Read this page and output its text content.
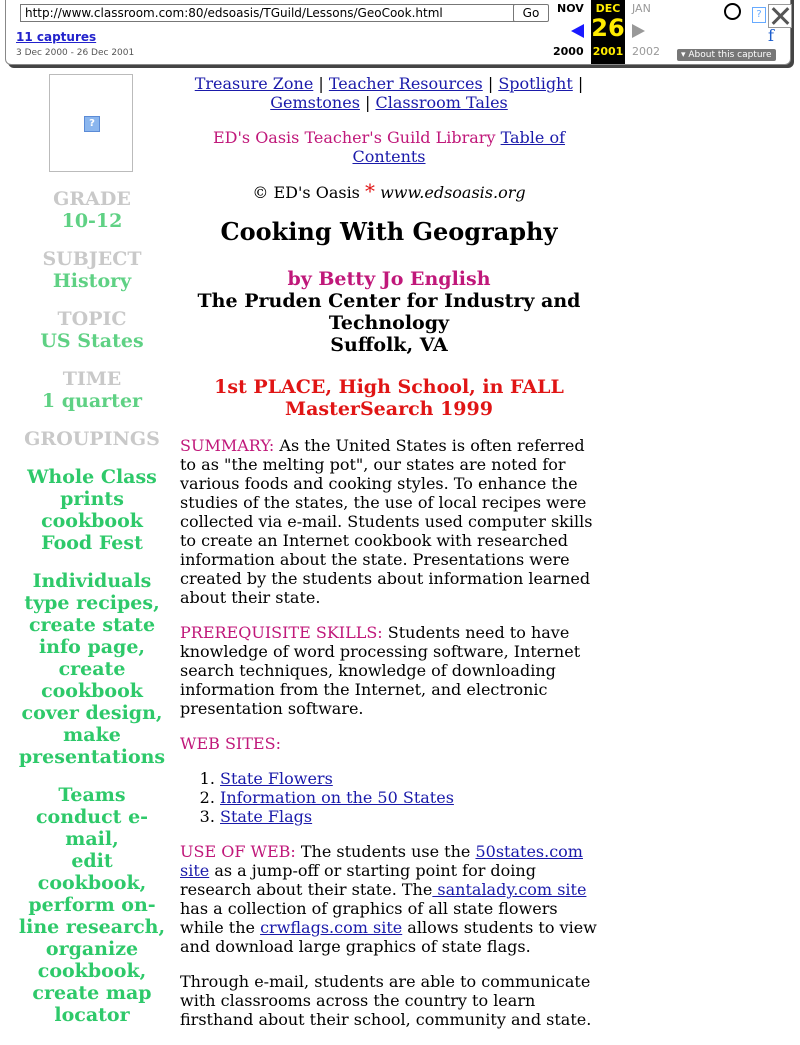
http://www.classroom.com:80/edsoasis/TGuild/Lessons/GeoCook.html	Go
11 captures
3 Dec 2000 - 26 Dec 2001
NOV
2000
DEC
26
2001
JAN
2002
?
f
▾ About this capture
?
GRADE
10-12
SUBJECT
History
TOPIC
US States
TIME
1 quarter
GROUPINGS
Whole Class
prints
cookbook
Food Fest
Individuals
type recipes,
create state
info page,
create
cookbook
cover design,
make
presentations
Teams
conduct e-
mail,
edit
cookbook,
perform on-
line research,
organize
cookbook,
create map
locator

Treasure Zone | Teacher Resources | Spotlight |
Gemstones | Classroom Tales

ED's Oasis Teacher's Guild Library Table of Contents

© ED's Oasis * www.edsoasis.org

Cooking With Geography

by Betty Jo English
The Pruden Center for Industry and Technology
Suffolk, VA
1st PLACE, High School, in FALL MasterSearch 1999

SUMMARY: As the United States is often referred to as "the melting pot", our states are noted for various foods and cooking styles. To enhance the studies of the states, the use of local recipes were collected via e-mail. Students used computer skills to create an Internet cookbook with researched information about the state. Presentations were created by the students about information learned about their state.

PREREQUISITE SKILLS: Students need to have knowledge of word processing software, Internet search techniques, knowledge of downloading information from the Internet, and electronic presentation software.

WEB SITES:

1. State Flowers
2. Information on the 50 States
3. State Flags

USE OF WEB: The students use the 50states.com site as a jump-off or starting point for doing research about their state. The santalady.com site has a collection of graphics of all state flowers while the crwflags.com site allows students to view and download large graphics of state flags.

Through e-mail, students are able to communicate with classrooms across the country to learn firsthand about their school, community and state.
